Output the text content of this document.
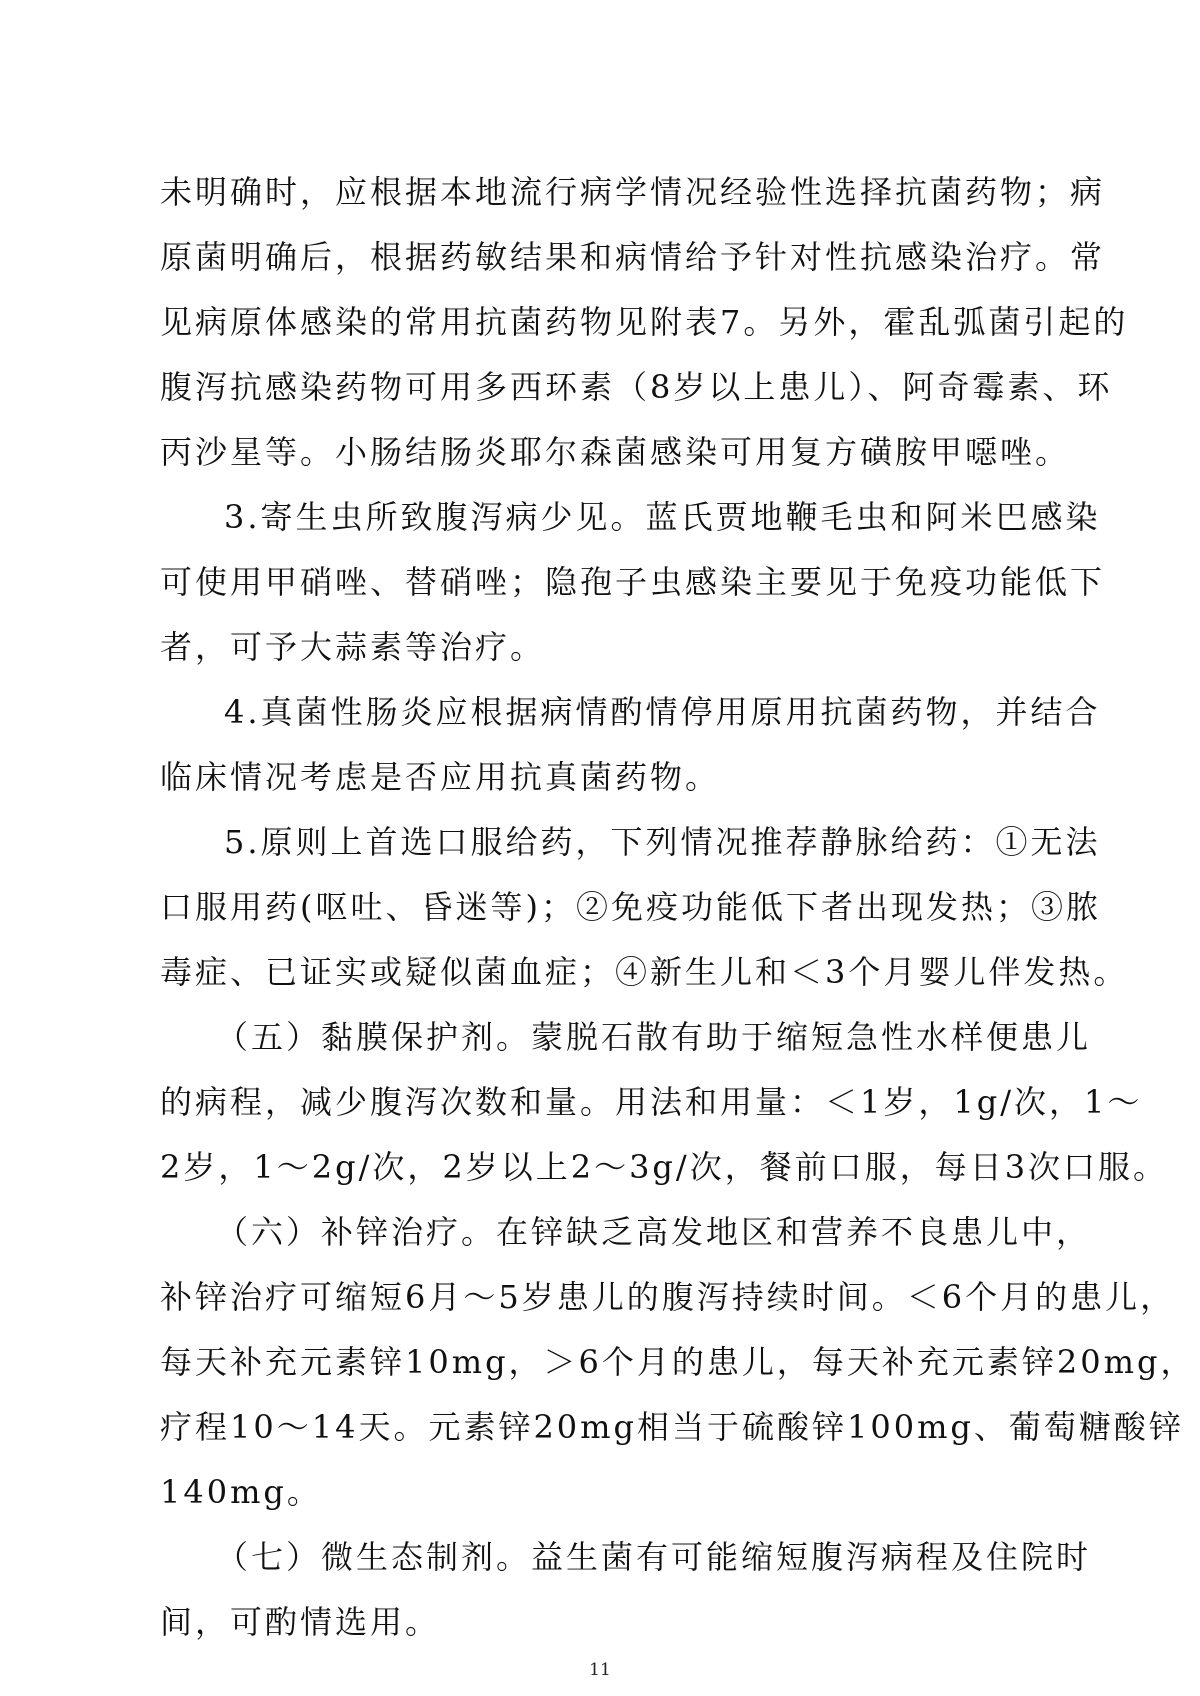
未明确时，应根据本地流行病学情况经验性选择抗菌药物；病
原菌明确后，根据药敏结果和病情给予针对性抗感染治疗。常
见病原体感染的常用抗菌药物见附表7。另外，霍乱弧菌引起的
腹泻抗感染药物可用多西环素（8岁以上患儿）、阿奇霉素、环
丙沙星等。小肠结肠炎耶尔森菌感染可用复方磺胺甲噁唑。
3.寄生虫所致腹泻病少见。蓝氏贾地鞭毛虫和阿米巴感染
可使用甲硝唑、替硝唑；隐孢子虫感染主要见于免疫功能低下
者，可予大蒜素等治疗。
4.真菌性肠炎应根据病情酌情停用原用抗菌药物，并结合
临床情况考虑是否应用抗真菌药物。
5.原则上首选口服给药，下列情况推荐静脉给药：①无法
口服用药(呕吐、昏迷等)；②免疫功能低下者出现发热；③脓
毒症、已证实或疑似菌血症；④新生儿和＜3个月婴儿伴发热。
（五）黏膜保护剂。蒙脱石散有助于缩短急性水样便患儿
的病程，减少腹泻次数和量。用法和用量：＜1岁，1g/次，1～
2岁，1～2g/次，2岁以上2～3g/次，餐前口服，每日3次口服。
（六）补锌治疗。在锌缺乏高发地区和营养不良患儿中，
补锌治疗可缩短6月～5岁患儿的腹泻持续时间。＜6个月的患儿，
每天补充元素锌10mg，＞6个月的患儿，每天补充元素锌20mg，
疗程10～14天。元素锌20mg相当于硫酸锌100mg、葡萄糖酸锌
140mg。
（七）微生态制剂。益生菌有可能缩短腹泻病程及住院时
间，可酌情选用。
11
